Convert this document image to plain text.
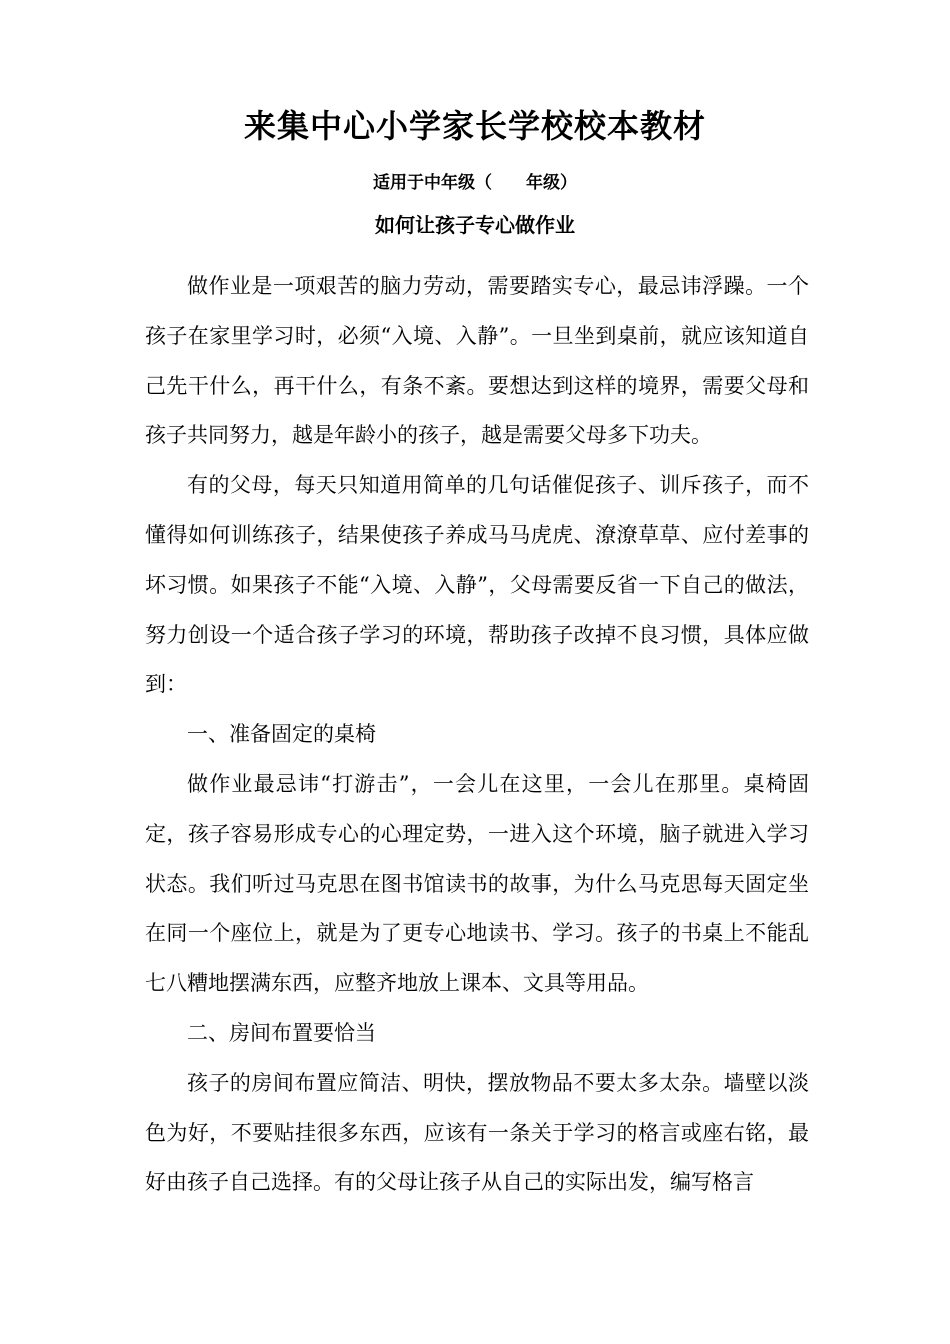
来集中心小学家长学校校本教材
适用于中年级（　　年级）
如何让孩子专心做作业

做作业是一项艰苦的脑力劳动，需要踏实专心，最忌讳浮躁。一个孩子在家里学习时，必须“入境、入静”。一旦坐到桌前，就应该知道自己先干什么，再干什么，有条不紊。要想达到这样的境界，需要父母和孩子共同努力，越是年龄小的孩子，越是需要父母多下功夫。

有的父母，每天只知道用简单的几句话催促孩子、训斥孩子，而不懂得如何训练孩子，结果使孩子养成马马虎虎、潦潦草草、应付差事的坏习惯。如果孩子不能“入境、入静”，父母需要反省一下自己的做法，努力创设一个适合孩子学习的环境，帮助孩子改掉不良习惯，具体应做到：

一、准备固定的桌椅

做作业最忌讳“打游击”，一会儿在这里，一会儿在那里。桌椅固定，孩子容易形成专心的心理定势，一进入这个环境，脑子就进入学习状态。我们听过马克思在图书馆读书的故事，为什么马克思每天固定坐在同一个座位上，就是为了更专心地读书、学习。孩子的书桌上不能乱七八糟地摆满东西，应整齐地放上课本、文具等用品。

二、房间布置要恰当

孩子的房间布置应简洁、明快，摆放物品不要太多太杂。墙壁以淡色为好，不要贴挂很多东西，应该有一条关于学习的格言或座右铭，最好由孩子自己选择。有的父母让孩子从自己的实际出发，编写格言
